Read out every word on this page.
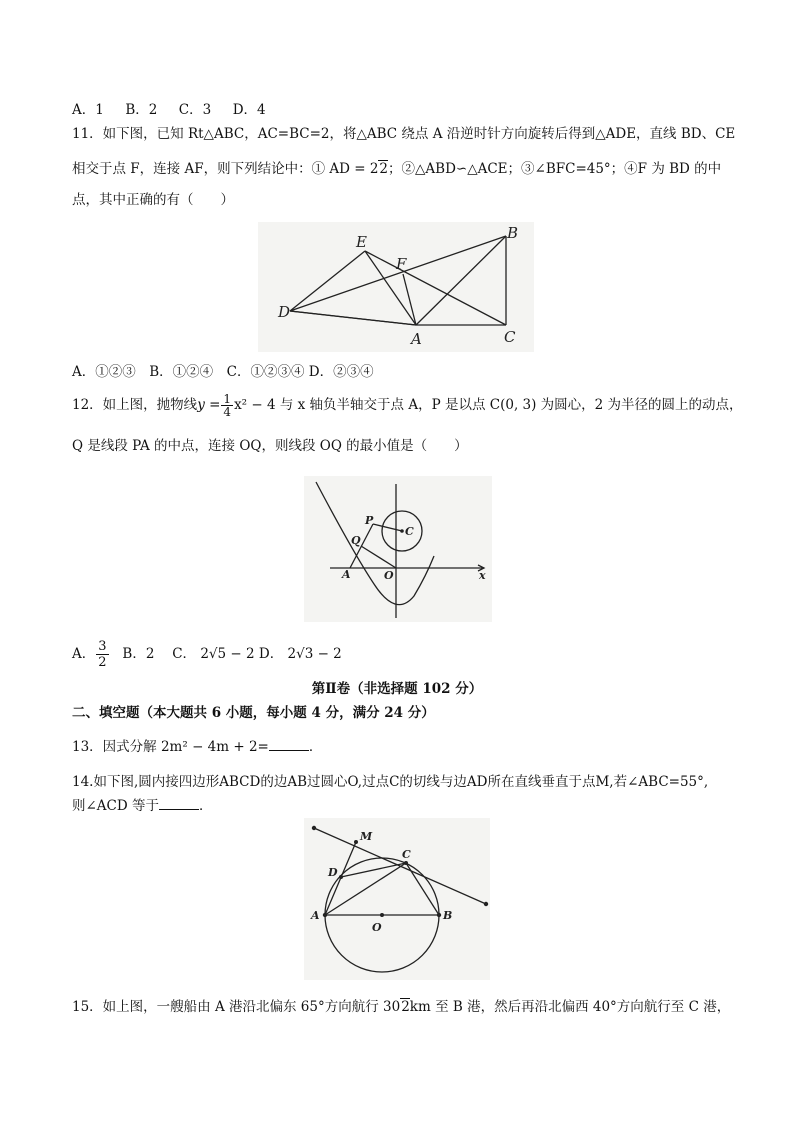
A．1 B．2 C．3 D．4
11．如下图，已知 Rt△ABC，AC=BC=2，将△ABC 绕点 A 沿逆时针方向旋转后得到△ADE，直线 BD、CE
相交于点 F，连接 AF，则下列结论中：① AD = 22；②△ABD∽△ACE；③∠BFC=45°；④F 为 BD 的中
点，其中正确的有（　　）
E
F
B
D
A	C
A．①②③　B．①②④　C．①②③④ D．②③④
12．如上图，抛物线$y = \frac{1}{4} x^2 - 4$ 与 x 轴负半轴交于点 A，P 是以点 C(0, 3) 为圆心，2 为半径的圆上的动点，
Q 是线段 PA 的中点，连接 OQ，则线段 OQ 的最小值是（　　）
P
C
Q
A	O	x
A． $\frac{3}{2}$ B．2　 C． 2√5 − 2 D． 2√3 − 2
第Ⅱ卷（非选择题 102 分）
二、填空题（本大题共 6 小题，每小题 4 分，满分 24 分）
13．因式分解 2m² − 4m + 2=	．
14.如下图,圆内接四边形ABCD的边AB过圆心O,过点C的切线与边AD所在直线垂直于点M,若∠ABC=55°,
则∠ACD 等于	．
M
C
D
A
O
B
15．如上图，一艘船由 A 港沿北偏东 65°方向航行 302km 至 B 港，然后再沿北偏西 40°方向航行至 C 港，
